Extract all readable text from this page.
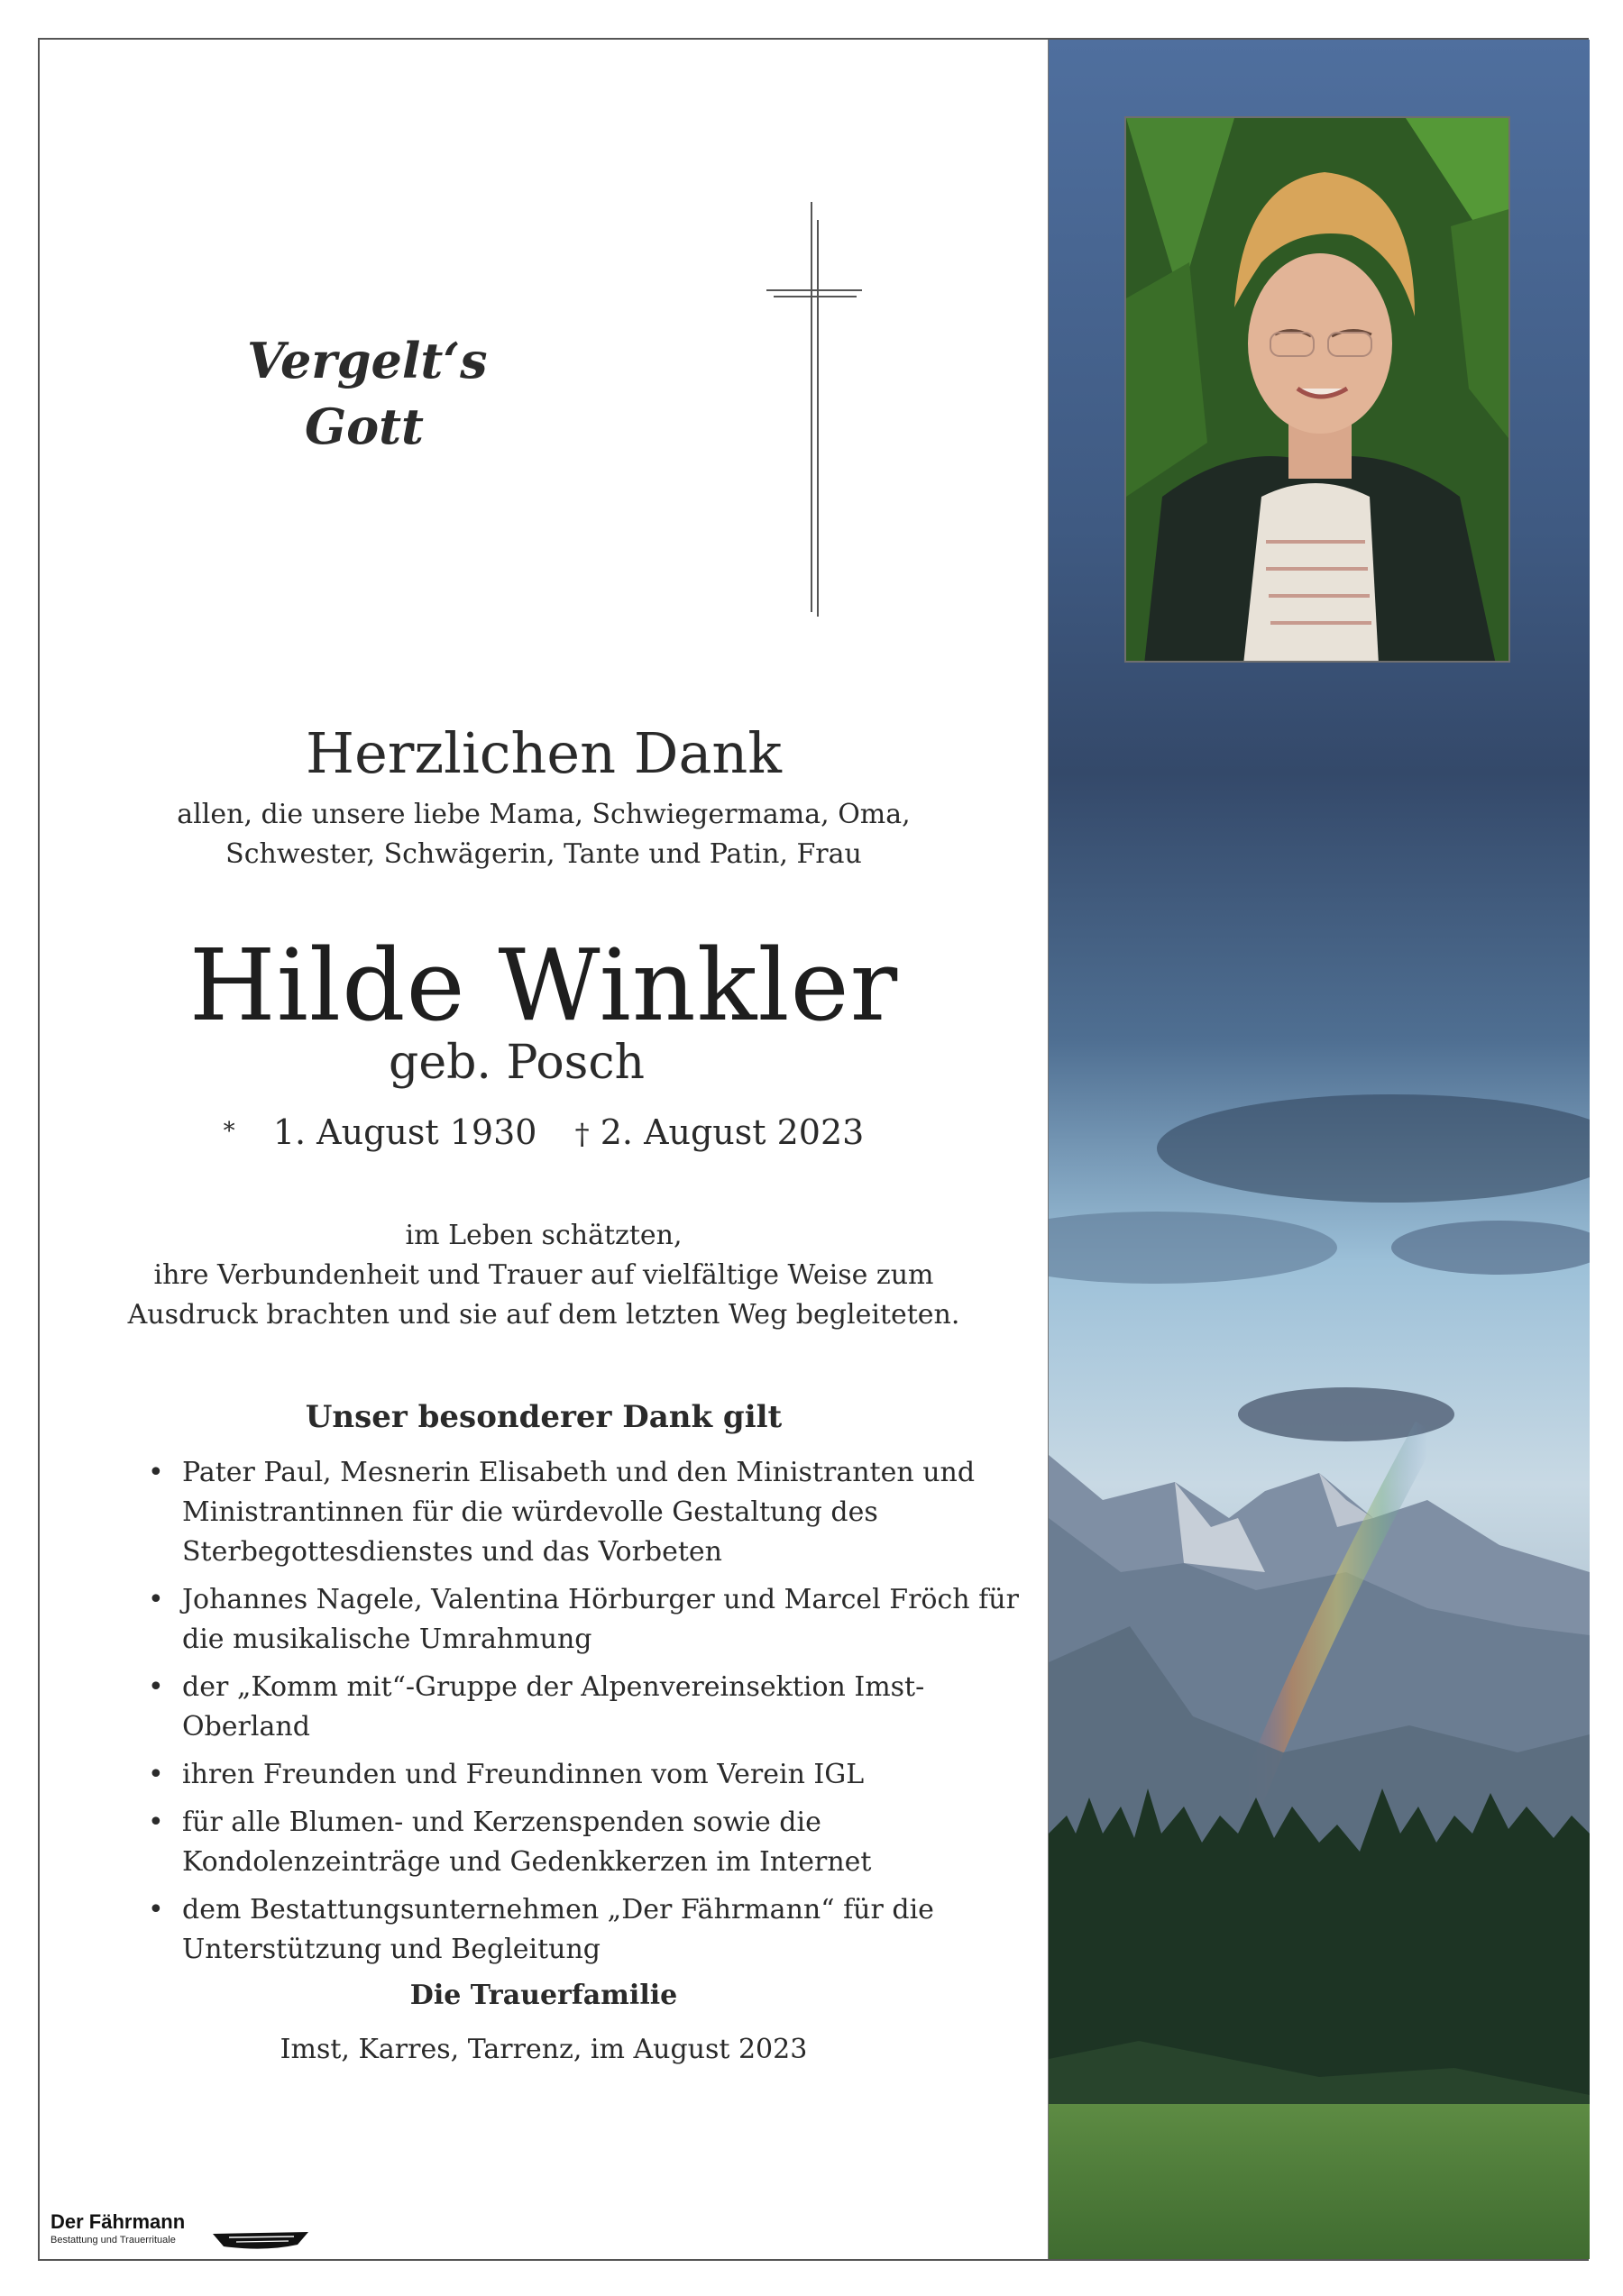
Vergelt‘s
Gott
Herzlichen Dank
allen, die unsere liebe Mama, Schwiegermama, Oma,
Schwester, Schwägerin, Tante und Patin, Frau
Hilde Winkler
geb. Posch
* 1. August 1930 † 2. August 2023
im Leben schätzten,
ihre Verbundenheit und Trauer auf vielfältige Weise zum
Ausdruck brachten und sie auf dem letzten Weg begleiteten.
Unser besonderer Dank gilt
• Pater Paul, Mesnerin Elisabeth und den Ministranten und Ministrantinnen für die würdevolle Gestaltung des Sterbegottesdienstes und das Vorbeten
• Johannes Nagele, Valentina Hörburger und Marcel Fröch für die musikalische Umrahmung
• der „Komm mit“-Gruppe der Alpenvereinsektion Imst-Oberland
• ihren Freunden und Freundinnen vom Verein IGL
• für alle Blumen- und Kerzenspenden sowie die Kondolenzeinträge und Gedenkkerzen im Internet
• dem Bestattungsunternehmen „Der Fährmann“ für die Unterstützung und Begleitung
Die Trauerfamilie
Imst, Karres, Tarrenz, im August 2023
Der Fährmann
Bestattung und Trauerrituale
